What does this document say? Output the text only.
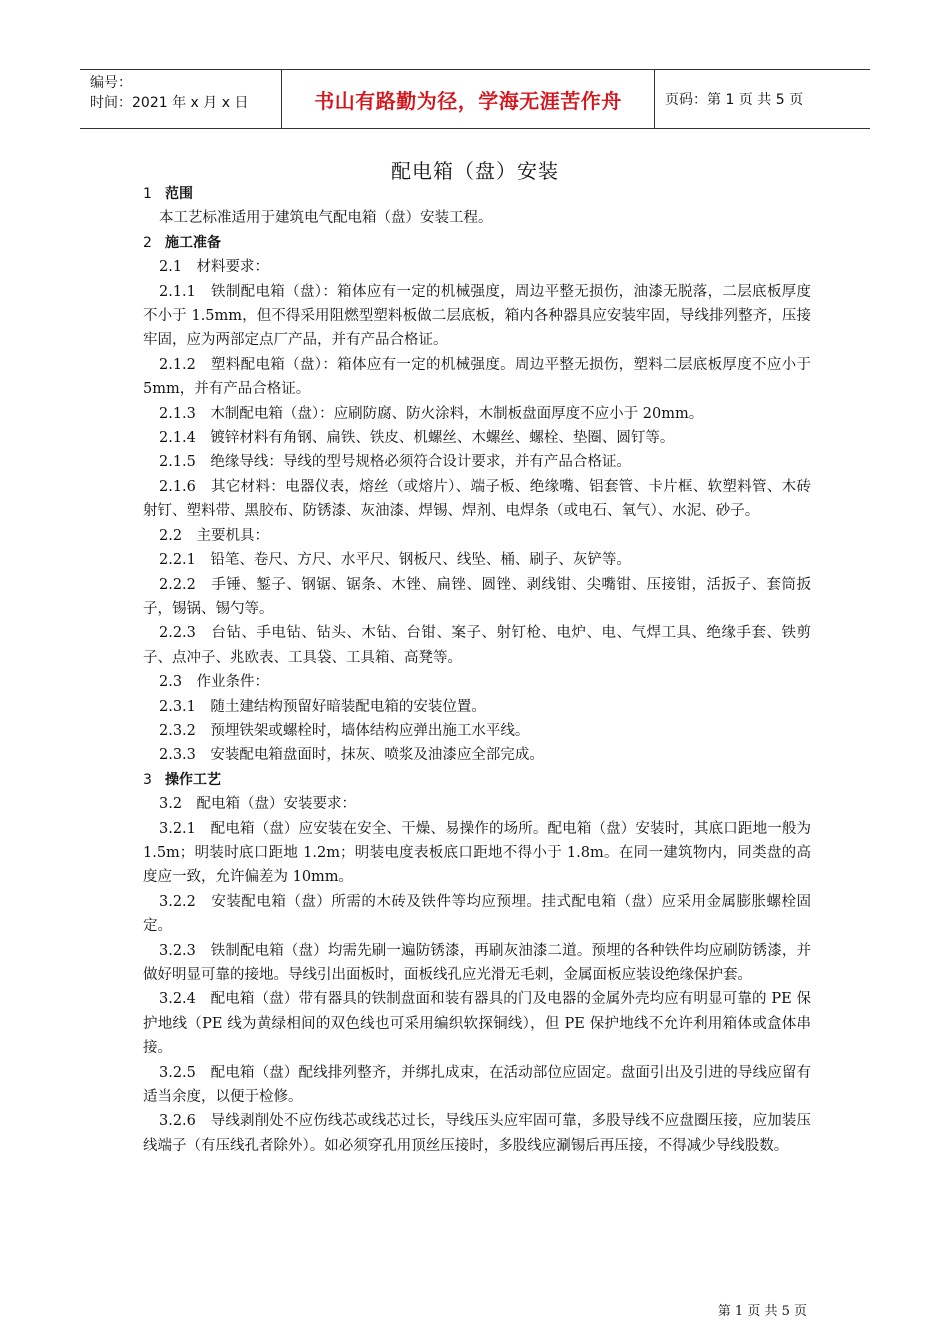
编号：
时间：2021 年 x 月 x 日	书山有路勤为径，学海无涯苦作舟	页码：第 1 页 共 5 页
配电箱（盘）安装

1 范围

本工艺标准适用于建筑电气配电箱（盘）安装工程。

2 施工准备

2.1　材料要求：

2.1.1　铁制配电箱（盘）：箱体应有一定的机械强度，周边平整无损伤，油漆无脱落，二层底板厚度不小于 1.5mm，但不得采用阻燃型塑料板做二层底板，箱内各种器具应安装牢固，导线排列整齐，压接牢固，应为两部定点厂产品，并有产品合格证。

2.1.2　塑料配电箱（盘）：箱体应有一定的机械强度。周边平整无损伤，塑料二层底板厚度不应小于 5mm，并有产品合格证。

2.1.3　木制配电箱（盘）：应刷防腐、防火涂料，木制板盘面厚度不应小于 20mm。

2.1.4　镀锌材料有角钢、扁铁、铁皮、机螺丝、木螺丝、螺栓、垫圈、圆钉等。

2.1.5　绝缘导线：导线的型号规格必须符合设计要求，并有产品合格证。

2.1.6　其它材料：电器仪表，熔丝（或熔片）、端子板、绝缘嘴、铝套管、卡片框、软塑料管、木砖射钉、塑料带、黑胶布、防锈漆、灰油漆、焊锡、焊剂、电焊条（或电石、氧气）、水泥、砂子。

2.2　主要机具：

2.2.1　铅笔、卷尺、方尺、水平尺、钢板尺、线坠、桶、刷子、灰铲等。

2.2.2　手锤、錾子、钢锯、锯条、木锉、扁锉、圆锉、剥线钳、尖嘴钳、压接钳，活扳子、套筒扳子，锡锅、锡勺等。

2.2.3　台钻、手电钻、钻头、木钻、台钳、案子、射钉枪、电炉、电、气焊工具、绝缘手套、铁剪子、点冲子、兆欧表、工具袋、工具箱、高凳等。

2.3　作业条件：

2.3.1　随土建结构预留好暗装配电箱的安装位置。

2.3.2　预埋铁架或螺栓时，墙体结构应弹出施工水平线。

2.3.3　安装配电箱盘面时，抹灰、喷浆及油漆应全部完成。

3 操作工艺

3.2　配电箱（盘）安装要求：

3.2.1　配电箱（盘）应安装在安全、干燥、易操作的场所。配电箱（盘）安装时，其底口距地一般为 1.5m；明装时底口距地 1.2m；明装电度表板底口距地不得小于 1.8m。在同一建筑物内，同类盘的高度应一致，允许偏差为 10mm。

3.2.2　安装配电箱（盘）所需的木砖及铁件等均应预埋。挂式配电箱（盘）应采用金属膨胀螺栓固定。

3.2.3　铁制配电箱（盘）均需先刷一遍防锈漆，再刷灰油漆二道。预埋的各种铁件均应刷防锈漆，并做好明显可靠的接地。导线引出面板时，面板线孔应光滑无毛刺，金属面板应装设绝缘保护套。

3.2.4　配电箱（盘）带有器具的铁制盘面和装有器具的门及电器的金属外壳均应有明显可靠的 PE 保护地线（PE 线为黄绿相间的双色线也可采用编织软探铜线），但 PE 保护地线不允许利用箱体或盒体串接。

3.2.5　配电箱（盘）配线排列整齐，并绑扎成束，在活动部位应固定。盘面引出及引进的导线应留有适当余度，以便于检修。

3.2.6　导线剥削处不应伤线芯或线芯过长，导线压头应牢固可靠，多股导线不应盘圈压接，应加装压线端子（有压线孔者除外）。如必须穿孔用顶丝压接时，多股线应涮锡后再压接，不得减少导线股数。

第 1 页 共 5 页
